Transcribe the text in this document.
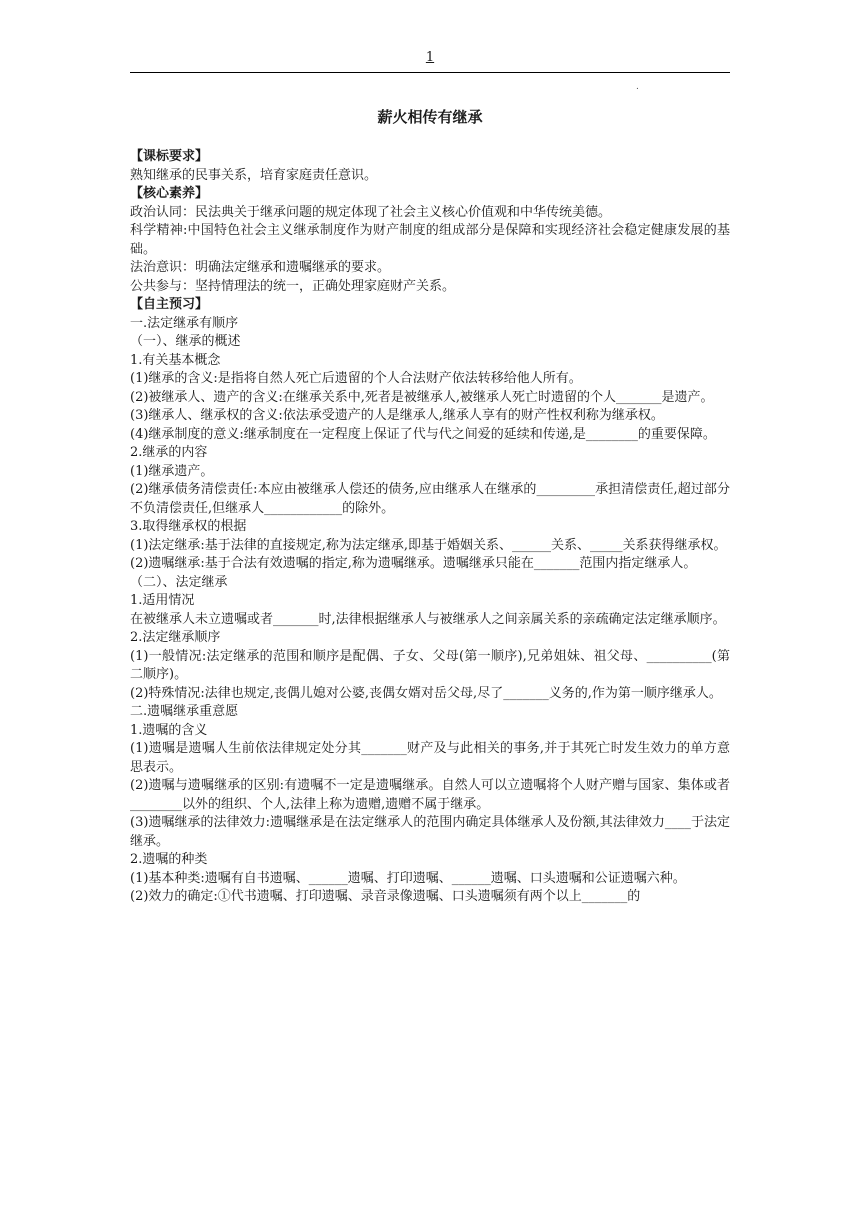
1
.
薪火相传有继承

【课标要求】

熟知继承的民事关系，培育家庭责任意识。

【核心素养】

政治认同：民法典关于继承问题的规定体现了社会主义核心价值观和中华传统美德。

科学精神:中国特色社会主义继承制度作为财产制度的组成部分是保障和实现经济社会稳定健康发展的基础。

法治意识：明确法定继承和遗嘱继承的要求。

公共参与：坚持情理法的统一，正确处理家庭财产关系。

【自主预习】

一.法定继承有顺序

（一）、继承的概述

1.有关基本概念

(1)继承的含义:是指将自然人死亡后遗留的个人合法财产依法转移给他人所有。

(2)被继承人、遗产的含义:在继承关系中,死者是被继承人,被继承人死亡时遗留的个人_______是遗产。

(3)继承人、继承权的含义:依法承受遗产的人是继承人,继承人享有的财产性权利称为继承权。

(4)继承制度的意义:继承制度在一定程度上保证了代与代之间爱的延续和传递,是________的重要保障。

2.继承的内容

(1)继承遗产。

(2)继承债务清偿责任:本应由被继承人偿还的债务,应由继承人在继承的_________承担清偿责任,超过部分不负清偿责任,但继承人____________的除外。

3.取得继承权的根据

(1)法定继承:基于法律的直接规定,称为法定继承,即基于婚姻关系、______关系、_____关系获得继承权。

(2)遗嘱继承:基于合法有效遗嘱的指定,称为遗嘱继承。遗嘱继承只能在_______范围内指定继承人。

（二）、法定继承

1.适用情况

在被继承人未立遗嘱或者_______时,法律根据继承人与被继承人之间亲属关系的亲疏确定法定继承顺序。

2.法定继承顺序

(1)一般情况:法定继承的范围和顺序是配偶、子女、父母(第一顺序),兄弟姐妹、祖父母、__________(第二顺序)。

(2)特殊情况:法律也规定,丧偶儿媳对公婆,丧偶女婿对岳父母,尽了_______义务的,作为第一顺序继承人。

二.遗嘱继承重意愿

1.遗嘱的含义

(1)遗嘱是遗嘱人生前依法律规定处分其_______财产及与此相关的事务,并于其死亡时发生效力的单方意思表示。

(2)遗嘱与遗嘱继承的区别:有遗嘱不一定是遗嘱继承。自然人可以立遗嘱将个人财产赠与国家、集体或者________以外的组织、个人,法律上称为遗赠,遗赠不属于继承。

(3)遗嘱继承的法律效力:遗嘱继承是在法定继承人的范围内确定具体继承人及份额,其法律效力____于法定继承。

2.遗嘱的种类

(1)基本种类:遗嘱有自书遗嘱、______遗嘱、打印遗嘱、______遗嘱、口头遗嘱和公证遗嘱六种。

(2)效力的确定:①代书遗嘱、打印遗嘱、录音录像遗嘱、口头遗嘱须有两个以上_______的
